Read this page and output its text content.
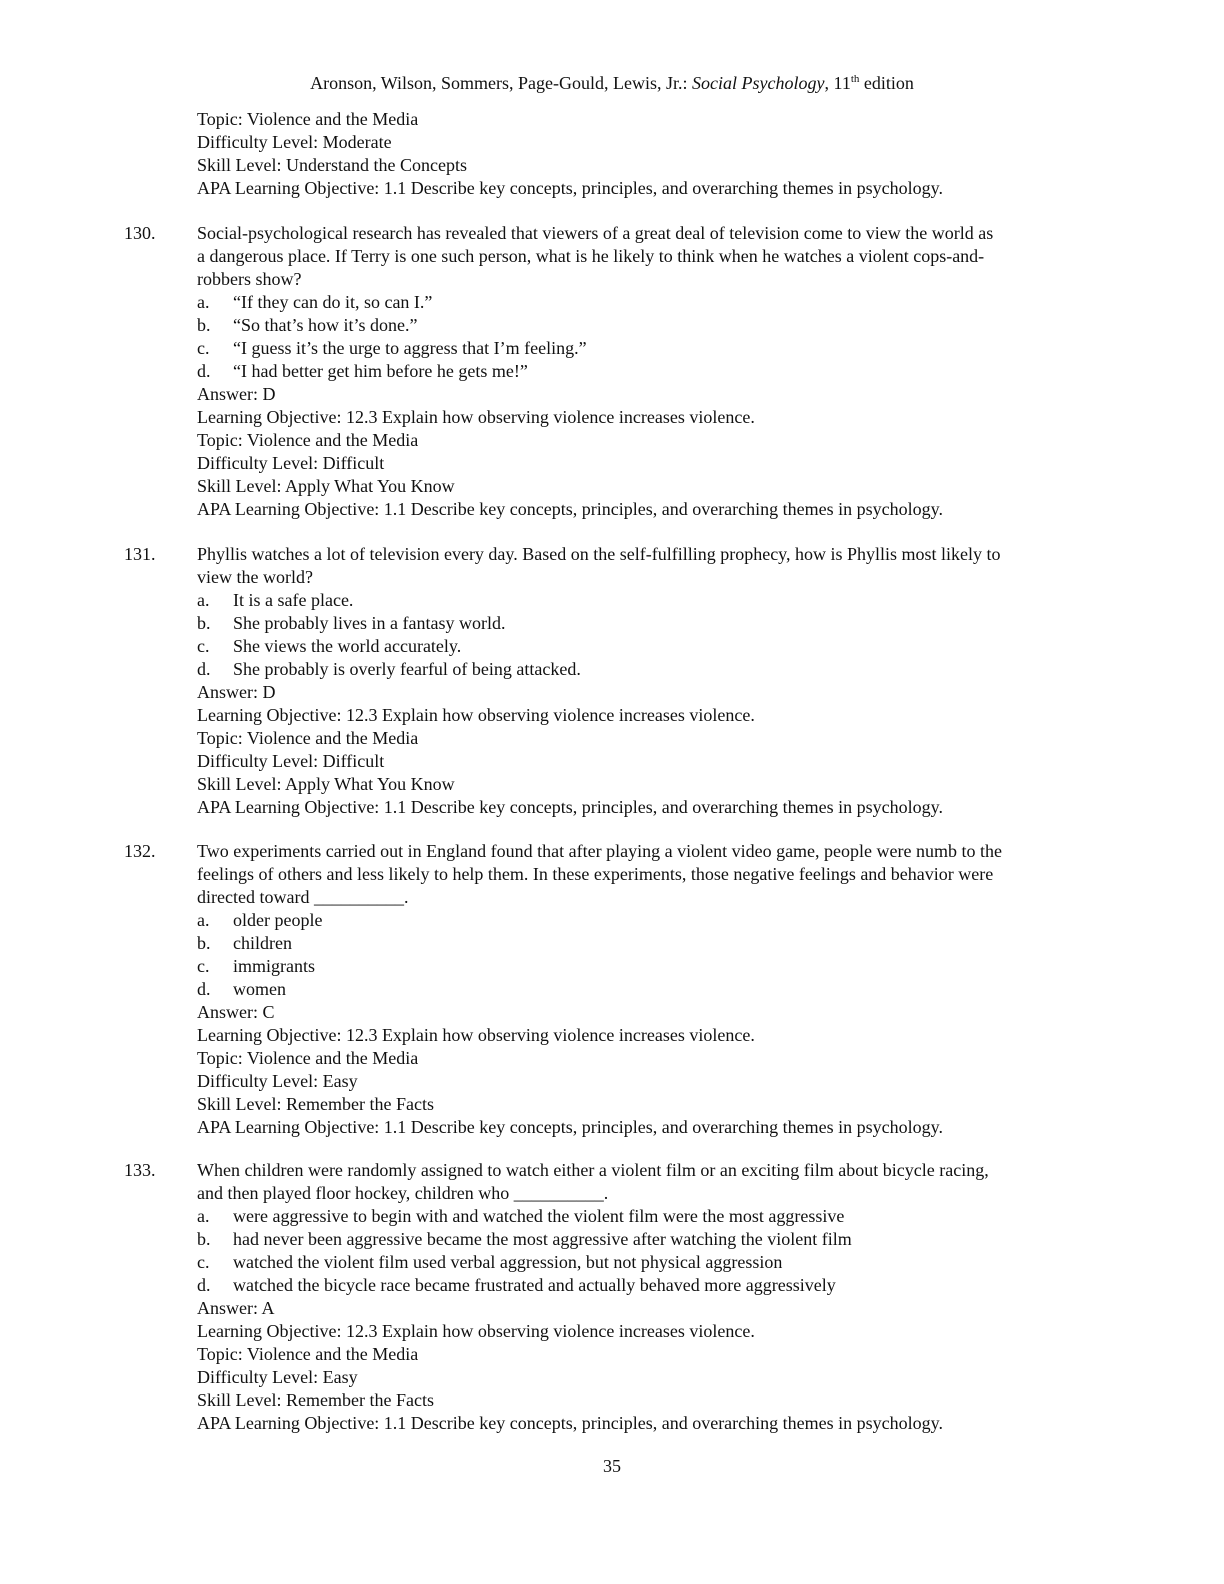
Aronson, Wilson, Sommers, Page-Gould, Lewis, Jr.: Social Psychology, 11th edition
Topic: Violence and the Media
Difficulty Level: Moderate
Skill Level: Understand the Concepts
APA Learning Objective: 1.1 Describe key concepts, principles, and overarching themes in psychology.
130. Social-psychological research has revealed that viewers of a great deal of television come to view the world as
a dangerous place. If Terry is one such person, what is he likely to think when he watches a violent cops-and-
robbers show?
a. “If they can do it, so can I.”
b. “So that’s how it’s done.”
c. “I guess it’s the urge to aggress that I’m feeling.”
d. “I had better get him before he gets me!”
Answer: D
Learning Objective: 12.3 Explain how observing violence increases violence.
Topic: Violence and the Media
Difficulty Level: Difficult
Skill Level: Apply What You Know
APA Learning Objective: 1.1 Describe key concepts, principles, and overarching themes in psychology.
131. Phyllis watches a lot of television every day. Based on the self-fulfilling prophecy, how is Phyllis most likely to
view the world?
a. It is a safe place.
b. She probably lives in a fantasy world.
c. She views the world accurately.
d. She probably is overly fearful of being attacked.
Answer: D
Learning Objective: 12.3 Explain how observing violence increases violence.
Topic: Violence and the Media
Difficulty Level: Difficult
Skill Level: Apply What You Know
APA Learning Objective: 1.1 Describe key concepts, principles, and overarching themes in psychology.
132. Two experiments carried out in England found that after playing a violent video game, people were numb to the
feelings of others and less likely to help them. In these experiments, those negative feelings and behavior were
directed toward __________.
a. older people
b. children
c. immigrants
d. women
Answer: C
Learning Objective: 12.3 Explain how observing violence increases violence.
Topic: Violence and the Media
Difficulty Level: Easy
Skill Level: Remember the Facts
APA Learning Objective: 1.1 Describe key concepts, principles, and overarching themes in psychology.
133. When children were randomly assigned to watch either a violent film or an exciting film about bicycle racing,
and then played floor hockey, children who __________.
a. were aggressive to begin with and watched the violent film were the most aggressive
b. had never been aggressive became the most aggressive after watching the violent film
c. watched the violent film used verbal aggression, but not physical aggression
d. watched the bicycle race became frustrated and actually behaved more aggressively
Answer: A
Learning Objective: 12.3 Explain how observing violence increases violence.
Topic: Violence and the Media
Difficulty Level: Easy
Skill Level: Remember the Facts
APA Learning Objective: 1.1 Describe key concepts, principles, and overarching themes in psychology.
35
